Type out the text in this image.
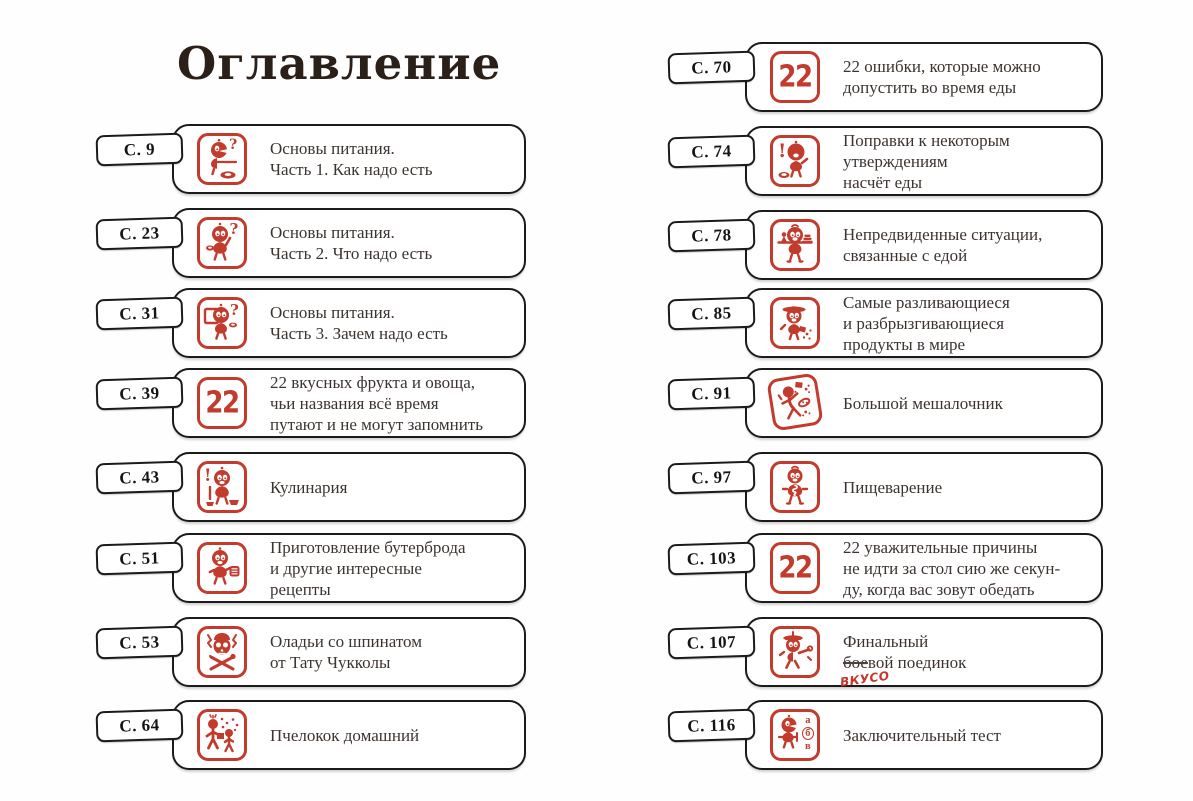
Оглавление
? Основы питания.
Часть 1. Как надо есть
С. 9
? Основы питания.
Часть 2. Что надо есть
С. 23
? Основы питания.
Часть 3. Зачем надо есть
С. 31
22
22 вкусных фрукта и овоща,
чьи названия всё время
путают и не могут запомнить
С. 39
!
Кулинария
С. 43
Приготовление бутерброда
и другие интересные
рецепты
С. 51
Оладьи со шпинатом
от Тату Чукколы
С. 53
Пчелокок домашний
С. 64
22 22 ошибки, которые можно
допустить во время еды
С. 70
!	Поправки к некоторым
утверждениям
насчёт еды
С. 74
Непредвиденные ситуации,
связанные с едой
С. 78
Самые разливающиеся
и разбрызгивающиеся
продукты в мире
С. 85
Большой мешалочник
С. 91
Пищеварение
С. 97
22
22 уважительные причины
не идти за стол сию же секун-
ду, когда вас зовут обедать
С. 103
Финальный
боевой поединок
ВКУСО
С. 107
а
б
в
Заключительный тест
С. 116
